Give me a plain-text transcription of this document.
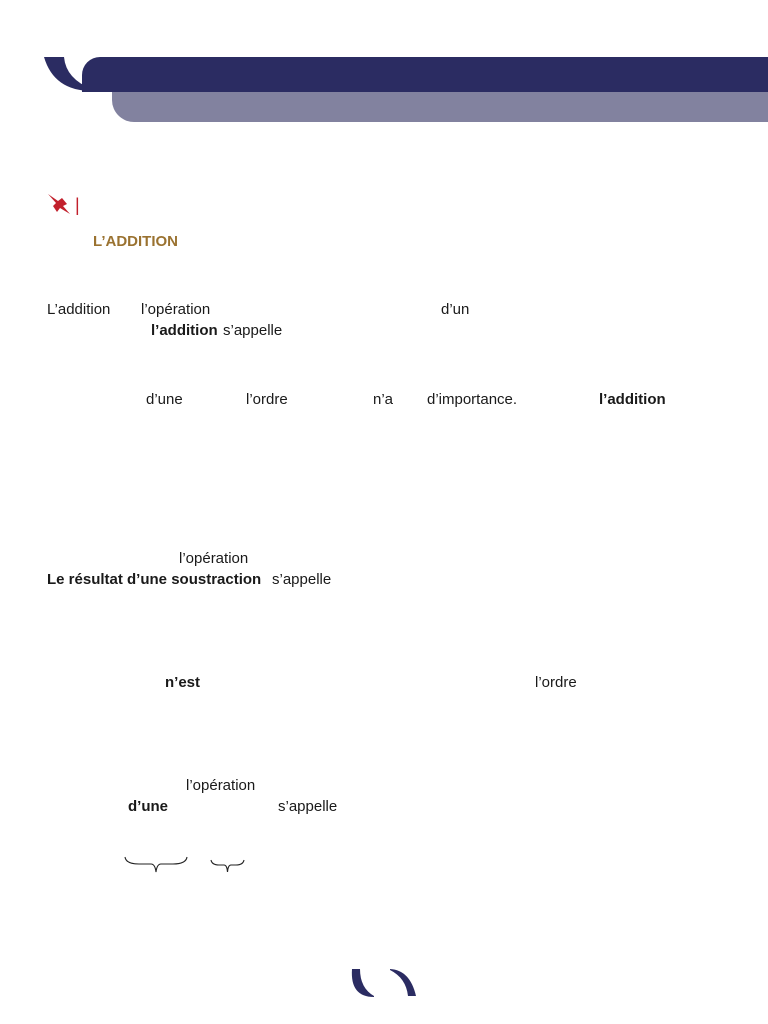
|
L’ADDITION
L’addition l’opération	d’un
l’addition s’appelle
d’une	l’ordre	n’a d’importance.	l’addition
l’opération
Le résultat d’une soustraction s’appelle
n’est	l’ordre
l’opération
d’une	s’appelle
